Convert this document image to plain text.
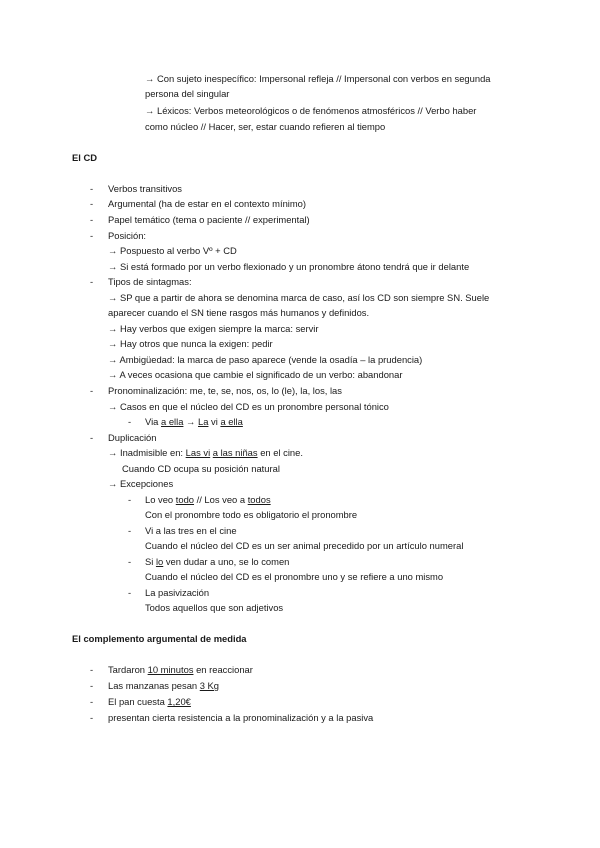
→ Con sujeto inespecífico: Impersonal refleja // Impersonal con verbos en segunda
persona del singular
→ Léxicos: Verbos meteorológicos o de fenómenos atmosféricos // Verbo haber
como núcleo // Hacer, ser, estar cuando refieren al tiempo
El CD
- Verbos transitivos
- Argumental (ha de estar en el contexto mínimo)
- Papel temático (tema o paciente // experimental)
- Posición:
→ Pospuesto al verbo Vº + CD
→ Si está formado por un verbo flexionado y un pronombre átono tendrá que ir delante
- Tipos de sintagmas:
→ SP que a partir de ahora se denomina marca de caso, así los CD son siempre SN. Suele
aparecer cuando el SN tiene rasgos más humanos y definidos.
→ Hay verbos que exigen siempre la marca: servir
→ Hay otros que nunca la exigen: pedir
→ Ambigüedad: la marca de paso aparece (vende la osadía – la prudencia)
→ A veces ocasiona que cambie el significado de un verbo: abandonar
- Pronominalización: me, te, se, nos, os, lo (le), la, los, las
→ Casos en que el núcleo del CD es un pronombre personal tónico
- Via a ella → La vi a ella
- Duplicación
→ Inadmisible en: Las vi a las niñas en el cine.
Cuando CD ocupa su posición natural
→ Excepciones
- Lo veo todo // Los veo a todos
Con el pronombre todo es obligatorio el pronombre
- Vi a las tres en el cine
Cuando el núcleo del CD es un ser animal precedido por un artículo numeral
- Si lo ven dudar a uno, se lo comen
Cuando el núcleo del CD es el pronombre uno y se refiere a uno mismo
- La pasivización
Todos aquellos que son adjetivos
El complemento argumental de medida
- Tardaron 10 minutos en reaccionar
- Las manzanas pesan 3 Kg
- El pan cuesta 1,20€
- presentan cierta resistencia a la pronominalización y a la pasiva
